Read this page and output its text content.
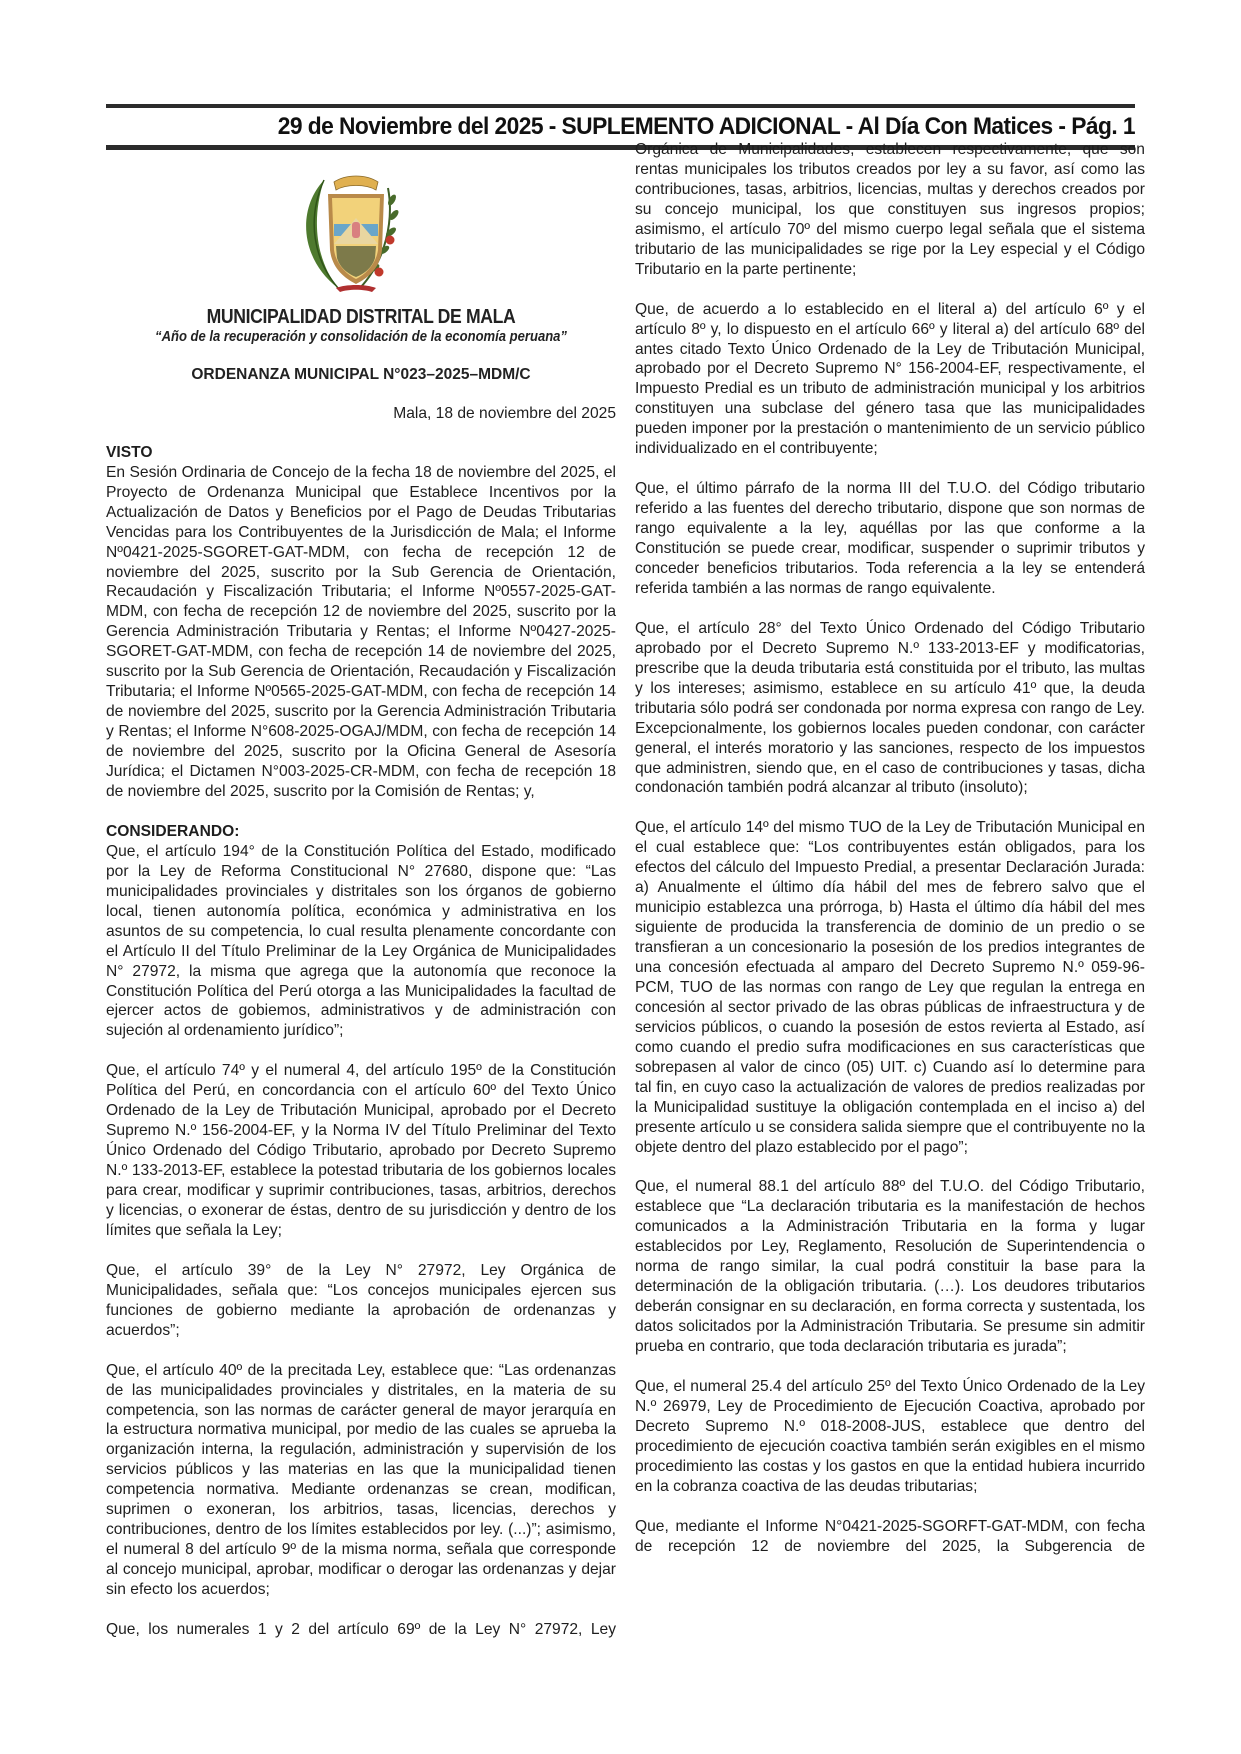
29 de Noviembre del 2025 - SUPLEMENTO ADICIONAL - Al Día Con Matices - Pág. 1
MUNICIPALIDAD DISTRITAL DE MALA
“Año de la recuperación y consolidación de la economía peruana”
ORDENANZA MUNICIPAL N°023–2025–MDM/C
Mala, 18 de noviembre del 2025
VISTO

En Sesión Ordinaria de Concejo de la fecha 18 de noviembre del 2025, el Proyecto de Ordenanza Municipal que Establece Incentivos por la Actualización de Datos y Beneficios por el Pago de Deudas Tributarias Vencidas para los Contribuyentes de la Jurisdicción de Mala; el Informe Nº0421-2025-SGORET-GAT-MDM, con fecha de recepción 12 de noviembre del 2025, suscrito por la Sub Gerencia de Orientación, Recaudación y Fiscalización Tributaria; el Informe Nº0557-2025-GAT-MDM, con fecha de recepción 12 de noviembre del 2025, suscrito por la Gerencia Administración Tributaria y Rentas; el Informe Nº0427-2025-SGORET-GAT-MDM, con fecha de recepción 14 de noviembre del 2025, suscrito por la Sub Gerencia de Orientación, Recaudación y Fiscalización Tributaria; el Informe Nº0565-2025-GAT-MDM, con fecha de recepción 14 de noviembre del 2025, suscrito por la Gerencia Administración Tributaria y Rentas; el Informe N°608-2025-OGAJ/MDM, con fecha de recepción 14 de noviembre del 2025, suscrito por la Oficina General de Asesoría Jurídica; el Dictamen N°003-2025-CR-MDM, con fecha de recepción 18 de noviembre del 2025, suscrito por la Comisión de Rentas; y,

CONSIDERANDO:

Que, el artículo 194° de la Constitución Política del Estado, modificado por la Ley de Reforma Constitucional N° 27680, dispone que: “Las municipalidades provinciales y distritales son los órganos de gobierno local, tienen autonomía política, económica y administrativa en los asuntos de su competencia, lo cual resulta plenamente concordante con el Artículo II del Título Preliminar de la Ley Orgánica de Municipalidades N° 27972, la misma que agrega que la autonomía que reconoce la Constitución Política del Perú otorga a las Municipalidades la facultad de ejercer actos de gobiemos, administrativos y de administración con sujeción al ordenamiento jurídico”;

Que, el artículo 74º y el numeral 4, del artículo 195º de la Constitución Política del Perú, en concordancia con el artículo 60º del Texto Único Ordenado de la Ley de Tributación Municipal, aprobado por el Decreto Supremo N.º 156-2004-EF, y la Norma IV del Título Preliminar del Texto Único Ordenado del Código Tributario, aprobado por Decreto Supremo N.º 133-2013-EF, establece la potestad tributaria de los gobiernos locales para crear, modificar y suprimir contribuciones, tasas, arbitrios, derechos y licencias, o exonerar de éstas, dentro de su jurisdicción y dentro de los límites que señala la Ley;

Que, el artículo 39° de la Ley N° 27972, Ley Orgánica de Municipalidades, señala que: “Los concejos municipales ejercen sus funciones de gobierno mediante la aprobación de ordenanzas y acuerdos”;

Que, el artículo 40º de la precitada Ley, establece que: “Las ordenanzas de las municipalidades provinciales y distritales, en la materia de su competencia, son las normas de carácter general de mayor jerarquía en la estructura normativa municipal, por medio de las cuales se aprueba la organización interna, la regulación, administración y supervisión de los servicios públicos y las materias en las que la municipalidad tienen competencia normativa. Mediante ordenanzas se crean, modifican, suprimen o exoneran, los arbitrios, tasas, licencias, derechos y contribuciones, dentro de los límites establecidos por ley. (...)”; asimismo, el numeral 8 del artículo 9º de la misma norma, señala que corresponde al concejo municipal, aprobar, modificar o derogar las ordenanzas y dejar sin efecto los acuerdos;

Que, los numerales 1 y 2 del artículo 69º de la Ley N° 27972, Ley

Orgánica de Municipalidades, establecen respectivamente, que son rentas municipales los tributos creados por ley a su favor, así como las contribuciones, tasas, arbitrios, licencias, multas y derechos creados por su concejo municipal, los que constituyen sus ingresos propios; asimismo, el artículo 70º del mismo cuerpo legal señala que el sistema tributario de las municipalidades se rige por la Ley especial y el Código Tributario en la parte pertinente;

Que, de acuerdo a lo establecido en el literal a) del artículo 6º y el artículo 8º y, lo dispuesto en el artículo 66º y literal a) del artículo 68º del antes citado Texto Único Ordenado de la Ley de Tributación Municipal, aprobado por el Decreto Supremo N° 156-2004-EF, respectivamente, el Impuesto Predial es un tributo de administración municipal y los arbitrios constituyen una subclase del género tasa que las municipalidades pueden imponer por la prestación o mantenimiento de un servicio público individualizado en el contribuyente;

Que, el último párrafo de la norma III del T.U.O. del Código tributario referido a las fuentes del derecho tributario, dispone que son normas de rango equivalente a la ley, aquéllas por las que conforme a la Constitución se puede crear, modificar, suspender o suprimir tributos y conceder beneficios tributarios. Toda referencia a la ley se entenderá referida también a las normas de rango equivalente.

Que, el artículo 28° del Texto Único Ordenado del Código Tributario aprobado por el Decreto Supremo N.º 133-2013-EF y modificatorias, prescribe que la deuda tributaria está constituida por el tributo, las multas y los intereses; asimismo, establece en su artículo 41º que, la deuda tributaria sólo podrá ser condonada por norma expresa con rango de Ley. Excepcionalmente, los gobiernos locales pueden condonar, con carácter general, el interés moratorio y las sanciones, respecto de los impuestos que administren, siendo que, en el caso de contribuciones y tasas, dicha condonación también podrá alcanzar al tributo (insoluto);

Que, el artículo 14º del mismo TUO de la Ley de Tributación Municipal en el cual establece que: “Los contribuyentes están obligados, para los efectos del cálculo del Impuesto Predial, a presentar Declaración Jurada: a) Anualmente el último día hábil del mes de febrero salvo que el municipio establezca una prórroga, b) Hasta el último día hábil del mes siguiente de producida la transferencia de dominio de un predio o se transfieran a un concesionario la posesión de los predios integrantes de una concesión efectuada al amparo del Decreto Supremo N.º 059-96-PCM, TUO de las normas con rango de Ley que regulan la entrega en concesión al sector privado de las obras públicas de infraestructura y de servicios públicos, o cuando la posesión de estos revierta al Estado, así como cuando el predio sufra modificaciones en sus características que sobrepasen al valor de cinco (05) UIT. c) Cuando así lo determine para tal fin, en cuyo caso la actualización de valores de predios realizadas por la Municipalidad sustituye la obligación contemplada en el inciso a) del presente artículo u se considera salida siempre que el contribuyente no la objete dentro del plazo establecido por el pago”;

Que, el numeral 88.1 del artículo 88º del T.U.O. del Código Tributario, establece que “La declaración tributaria es la manifestación de hechos comunicados a la Administración Tributaria en la forma y lugar establecidos por Ley, Reglamento, Resolución de Superintendencia o norma de rango similar, la cual podrá constituir la base para la determinación de la obligación tributaria. (…). Los deudores tributarios deberán consignar en su declaración, en forma correcta y sustentada, los datos solicitados por la Administración Tributaria. Se presume sin admitir prueba en contrario, que toda declaración tributaria es jurada”;

Que, el numeral 25.4 del artículo 25º del Texto Único Ordenado de la Ley N.º 26979, Ley de Procedimiento de Ejecución Coactiva, aprobado por Decreto Supremo N.º 018-2008-JUS, establece que dentro del procedimiento de ejecución coactiva también serán exigibles en el mismo procedimiento las costas y los gastos en que la entidad hubiera incurrido en la cobranza coactiva de las deudas tributarias;

Que, mediante el Informe N°0421-2025-SGORFT-GAT-MDM, con fecha de recepción 12 de noviembre del 2025, la Subgerencia de
